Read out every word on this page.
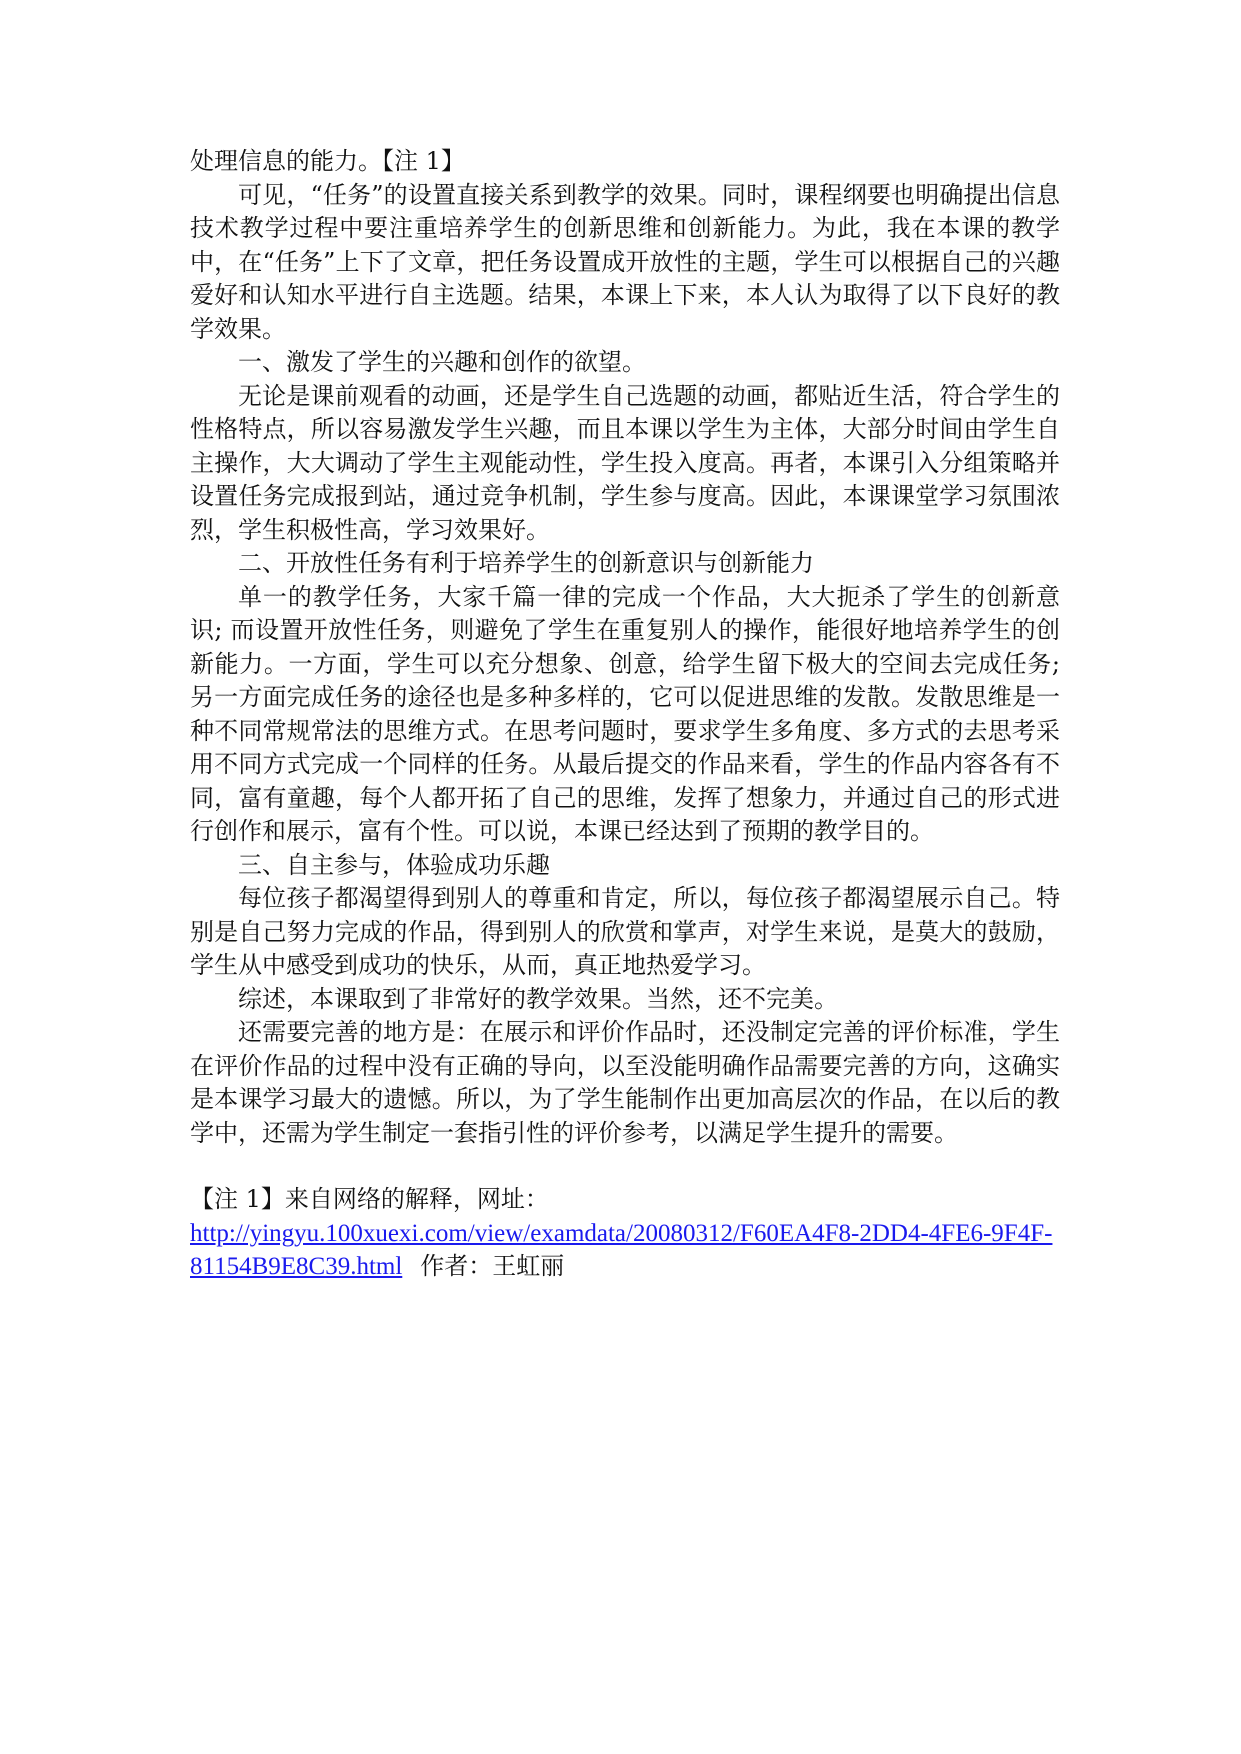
处理信息的能力。【注 1】

可见，“任务”的设置直接关系到教学的效果。同时，课程纲要也明确提出信息技术教学过程中要注重培养学生的创新思维和创新能力。为此，我在本课的教学中，在“任务”上下了文章，把任务设置成开放性的主题，学生可以根据自己的兴趣爱好和认知水平进行自主选题。结果，本课上下来，本人认为取得了以下良好的教学效果。

一、激发了学生的兴趣和创作的欲望。

无论是课前观看的动画，还是学生自己选题的动画，都贴近生活，符合学生的性格特点，所以容易激发学生兴趣，而且本课以学生为主体，大部分时间由学生自主操作，大大调动了学生主观能动性，学生投入度高。再者，本课引入分组策略并设置任务完成报到站，通过竞争机制，学生参与度高。因此，本课课堂学习氛围浓烈，学生积极性高，学习效果好。

二、开放性任务有利于培养学生的创新意识与创新能力

单一的教学任务，大家千篇一律的完成一个作品，大大扼杀了学生的创新意识; 而设置开放性任务，则避免了学生在重复别人的操作，能很好地培养学生的创新能力。一方面，学生可以充分想象、创意，给学生留下极大的空间去完成任务; 另一方面完成任务的途径也是多种多样的，它可以促进思维的发散。发散思维是一种不同常规常法的思维方式。在思考问题时，要求学生多角度、多方式的去思考采用不同方式完成一个同样的任务。从最后提交的作品来看，学生的作品内容各有不同，富有童趣，每个人都开拓了自己的思维，发挥了想象力，并通过自己的形式进行创作和展示，富有个性。可以说，本课已经达到了预期的教学目的。

三、自主参与，体验成功乐趣

每位孩子都渴望得到别人的尊重和肯定，所以，每位孩子都渴望展示自己。特别是自己努力完成的作品，得到别人的欣赏和掌声，对学生来说，是莫大的鼓励，学生从中感受到成功的快乐，从而，真正地热爱学习。

综述，本课取到了非常好的教学效果。当然，还不完美。

还需要完善的地方是：在展示和评价作品时，还没制定完善的评价标准，学生在评价作品的过程中没有正确的导向，以至没能明确作品需要完善的方向，这确实是本课学习最大的遗憾。所以，为了学生能制作出更加高层次的作品，在以后的教学中，还需为学生制定一套指引性的评价参考，以满足学生提升的需要。

【注 1】来自网络的解释，网址：

http://yingyu.100xuexi.com/view/examdata/20080312/F60EA4F8-2DD4-4FE6-9F4F-81154B9E8C39.html 作者：王虹丽
